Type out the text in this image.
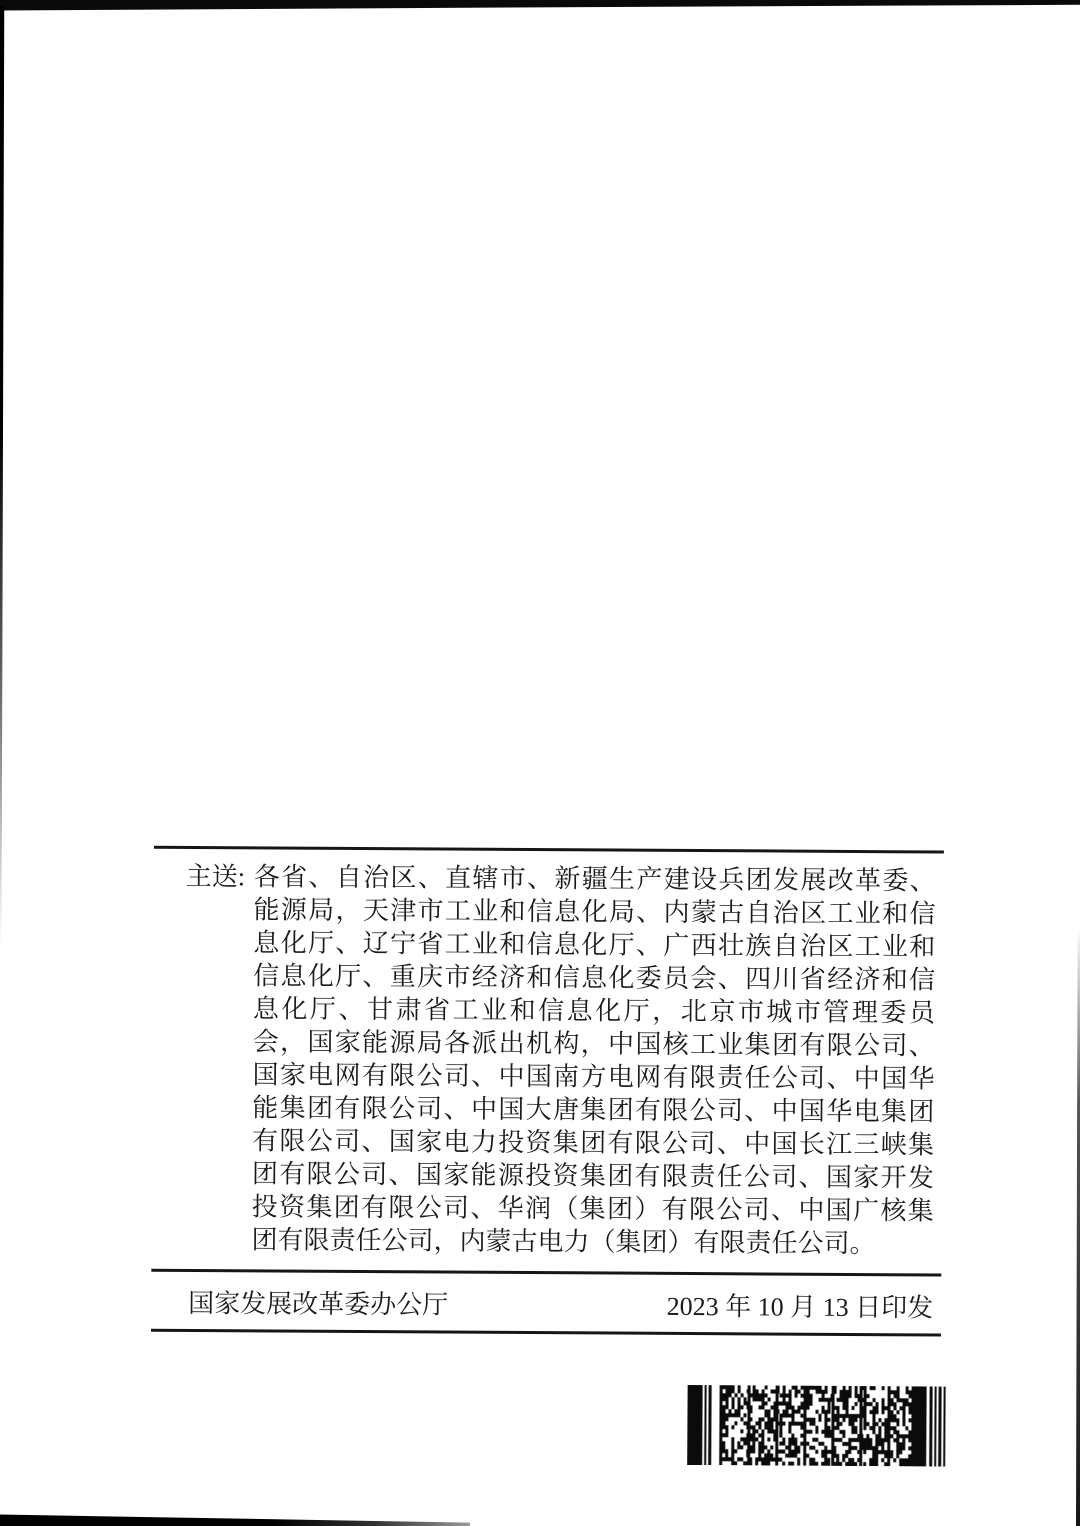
主送: 各省、自治区、直辖市、新疆生产建设兵团发展改革委、
能源局，天津市工业和信息化局、内蒙古自治区工业和信
息化厅、辽宁省工业和信息化厅、广西壮族自治区工业和
信息化厅、重庆市经济和信息化委员会、四川省经济和信
息化厅、甘肃省工业和信息化厅，北京市城市管理委员
会，国家能源局各派出机构，中国核工业集团有限公司、
国家电网有限公司、中国南方电网有限责任公司、中国华
能集团有限公司、中国大唐集团有限公司、中国华电集团
有限公司、国家电力投资集团有限公司、中国长江三峡集
团有限公司、国家能源投资集团有限责任公司、国家开发
投资集团有限公司、华润（集团）有限公司、中国广核集
团有限责任公司，内蒙古电力（集团）有限责任公司。
国家发展改革委办公厅	2023 年 10 月 13 日印发
